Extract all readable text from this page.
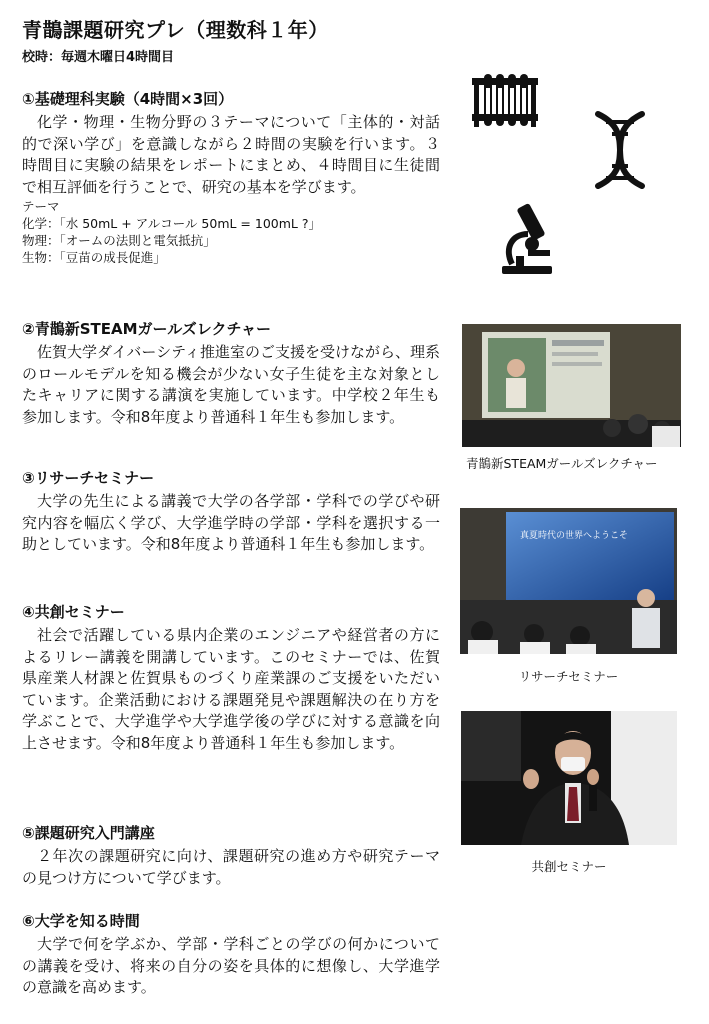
青鵲課題研究プレ（理数科１年）
校時：毎週木曜日4時間目
①基礎理科実験（4時間×3回）

化学・物理・生物分野の３テーマについて「主体的・対話的で深い学び」を意識しながら２時間の実験を行います。３時間目に実験の結果をレポートにまとめ、４時間目に生徒間で相互評価を行うことで、研究の基本を学びます。

テーマ

化学：「水 50mL + アルコール 50mL = 100mL ?」

物理：「オームの法則と電気抵抗」

生物：「豆苗の成長促進」

②青鵲新STEAMガールズレクチャー

佐賀大学ダイバーシティ推進室のご支援を受けながら、理系のロールモデルを知る機会が少ない女子生徒を主な対象としたキャリアに関する講演を実施しています。中学校２年生も参加します。令和8年度より普通科１年生も参加します。

③リサーチセミナー

大学の先生による講義で大学の各学部・学科での学びや研究内容を幅広く学び、大学進学時の学部・学科を選択する一助としています。令和8年度より普通科１年生も参加します。

④共創セミナー

社会で活躍している県内企業のエンジニアや経営者の方によるリレー講義を開講しています。このセミナーでは、佐賀県産業人材課と佐賀県ものづくり産業課のご支援をいただいています。企業活動における課題発見や課題解決の在り方を学ぶことで、大学進学や大学進学後の学びに対する意識を向上させます。令和8年度より普通科１年生も参加します。

⑤課題研究入門講座

２年次の課題研究に向け、課題研究の進め方や研究テーマの見つけ方について学びます。

⑥大学を知る時間

大学で何を学ぶか、学部・学科ごとの学びの何かについての講義を受け、将来の自分の姿を具体的に想像し、大学進学の意識を高めます。

青鵲新STEAMガールズレクチャー
真夏時代の世界へようこそ
リサーチセミナー
共創セミナー
